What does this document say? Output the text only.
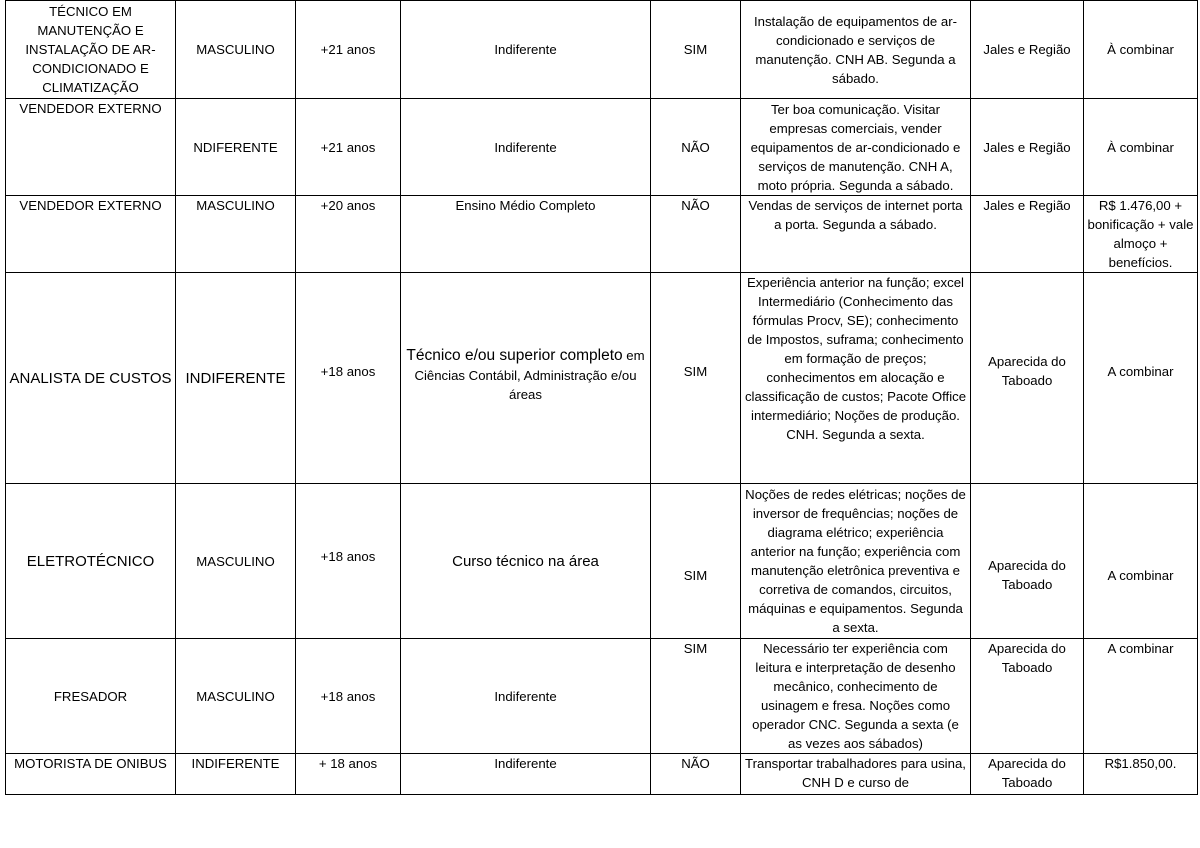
TÉCNICO EM MANUTENÇÃO E INSTALAÇÃO DE AR-CONDICIONADO E CLIMATIZAÇÃO	MASCULINO	+21 anos	Indiferente	SIM	Instalação de equipamentos de ar-condicionado e serviços de manutenção. CNH AB. Segunda a sábado.	Jales e Região	À combinar
VENDEDOR EXTERNO	NDIFERENTE	+21 anos	Indiferente	NÃO	Ter boa comunicação. Visitar empresas comerciais, vender equipamentos de ar-condicionado e serviços de manutenção. CNH A, moto própria. Segunda a sábado.	Jales e Região	À combinar
VENDEDOR EXTERNO	MASCULINO	+20 anos	Ensino Médio Completo	NÃO	Vendas de serviços de internet porta a porta. Segunda a sábado.	Jales e Região	R$ 1.476,00 + bonificação + vale almoço + benefícios.
ANALISTA DE CUSTOS	INDIFERENTE	+18 anos	Técnico e/ou superior completo em Ciências Contábil, Administração e/ou áreas	SIM	Experiência anterior na função; excel Intermediário (Conhecimento das fórmulas Procv, SE); conhecimento de Impostos, suframa; conhecimento em formação de preços; conhecimentos em alocação e classificação de custos; Pacote Office intermediário; Noções de produção. CNH. Segunda a sexta.	Aparecida do Taboado	A combinar
ELETROTÉCNICO	MASCULINO	+18 anos	Curso técnico na área	SIM	Noções de redes elétricas; noções de inversor de frequências; noções de diagrama elétrico; experiência anterior na função; experiência com manutenção eletrônica preventiva e corretiva de comandos, circuitos, máquinas e equipamentos. Segunda a sexta.	Aparecida do Taboado	A combinar
FRESADOR	MASCULINO	+18 anos	Indiferente	SIM	Necessário ter experiência com leitura e interpretação de desenho mecânico, conhecimento de usinagem e fresa. Noções como operador CNC. Segunda a sexta (e as vezes aos sábados)	Aparecida do Taboado	A combinar
MOTORISTA DE ONIBUS	INDIFERENTE	+ 18 anos	Indiferente	NÃO	Transportar trabalhadores para usina, CNH D e curso de	Aparecida do Taboado	R$1.850,00.
